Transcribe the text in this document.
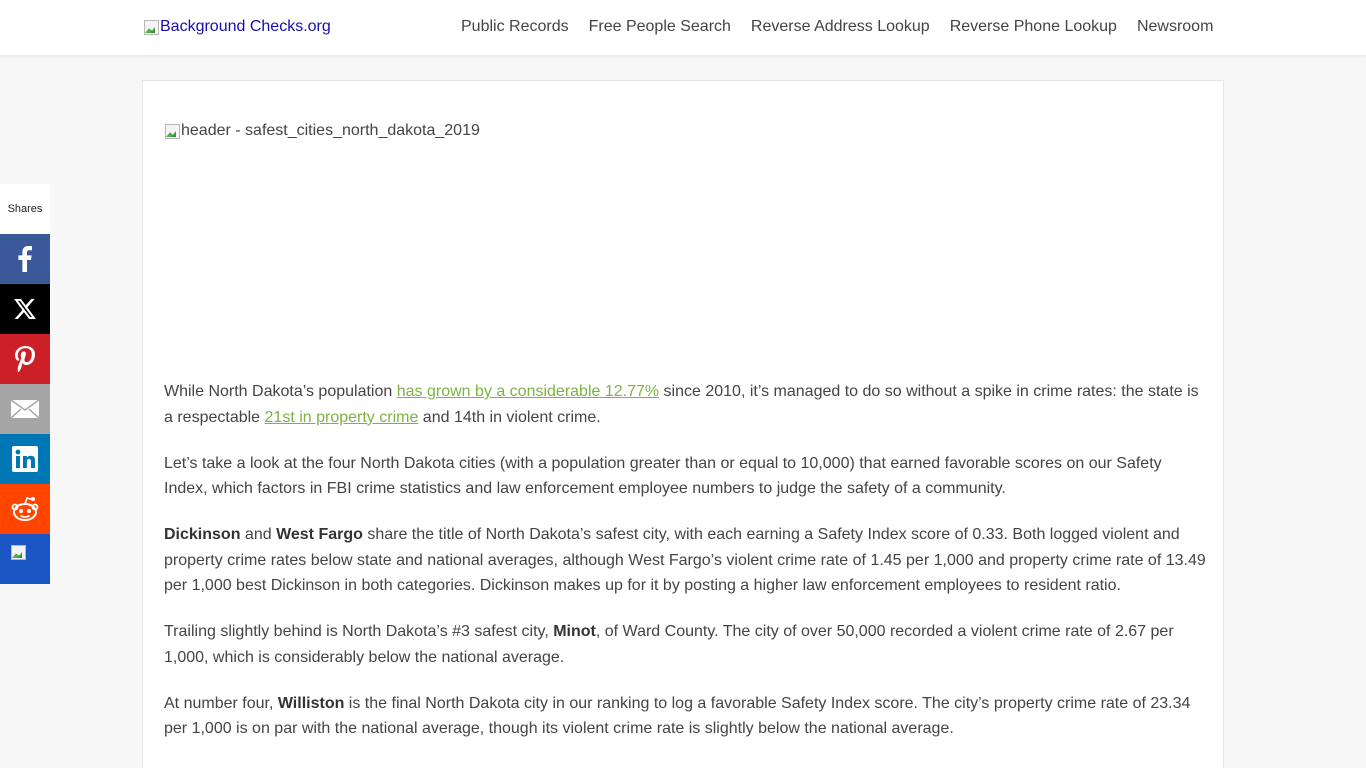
Background Checks.org	Public Records Free People Search Reverse Address Lookup Reverse Phone Lookup Newsroom
Shares
header - safest_cities_north_dakota_2019

While North Dakota’s population has grown by a considerable 12.77% since 2010, it’s managed to do so without a spike in crime rates: the state is a respectable 21st in property crime and 14th in violent crime.

Let’s take a look at the four North Dakota cities (with a population greater than or equal to 10,000) that earned favorable scores on our Safety Index, which factors in FBI crime statistics and law enforcement employee numbers to judge the safety of a community.

Dickinson and West Fargo share the title of North Dakota’s safest city, with each earning a Safety Index score of 0.33. Both logged violent and property crime rates below state and national averages, although West Fargo’s violent crime rate of 1.45 per 1,000 and property crime rate of 13.49 per 1,000 best Dickinson in both categories. Dickinson makes up for it by posting a higher law enforcement employees to resident ratio.

Trailing slightly behind is North Dakota’s #3 safest city, Minot, of Ward County. The city of over 50,000 recorded a violent crime rate of 2.67 per 1,000, which is considerably below the national average.

At number four, Williston is the final North Dakota city in our ranking to log a favorable Safety Index score. The city’s property crime rate of 23.34 per 1,000 is on par with the national average, though its violent crime rate is slightly below the national average.
